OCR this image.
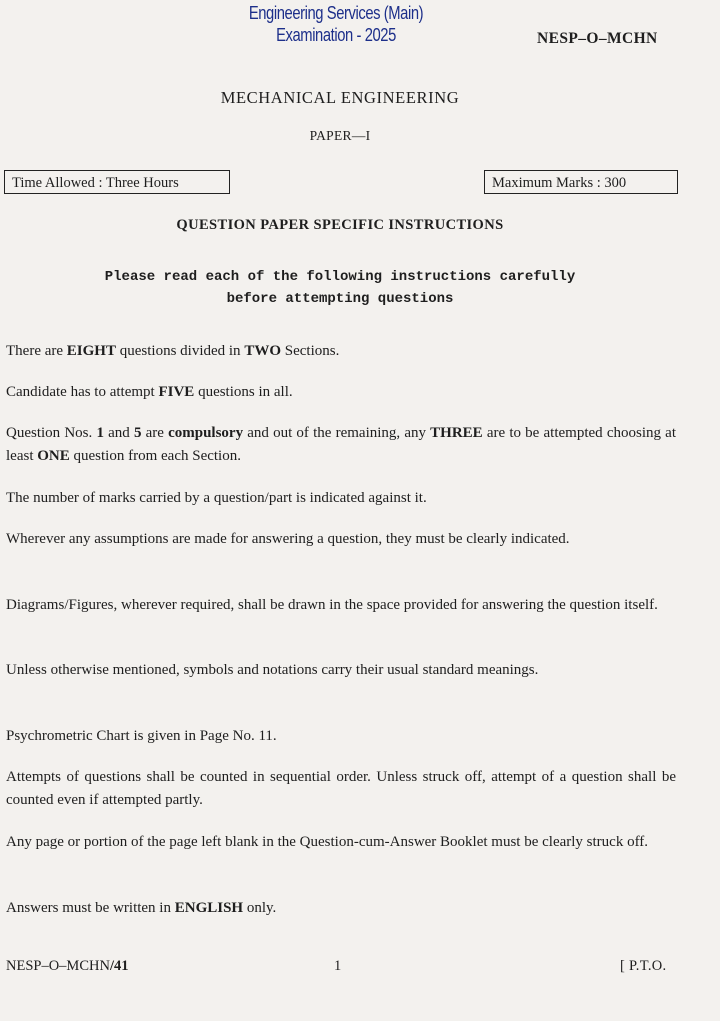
Engineering Services (Main)
Examination - 2025	NESP–O–MCHN
MECHANICAL ENGINEERING
PAPER—I
Time Allowed : Three Hours	Maximum Marks : 300
QUESTION PAPER SPECIFIC INSTRUCTIONS
Please read each of the following instructions carefully
before attempting questions
There are EIGHT questions divided in TWO Sections.
Candidate has to attempt FIVE questions in all.
Question Nos. 1 and 5 are compulsory and out of the remaining, any THREE are to be attempted choosing at least ONE question from each Section.
The number of marks carried by a question/part is indicated against it.
Wherever any assumptions are made for answering a question, they must be clearly indicated.
Diagrams/Figures, wherever required, shall be drawn in the space provided for answering the question itself.
Unless otherwise mentioned, symbols and notations carry their usual standard meanings.
Psychrometric Chart is given in Page No. 11.
Attempts of questions shall be counted in sequential order. Unless struck off, attempt of a question shall be counted even if attempted partly.
Any page or portion of the page left blank in the Question-cum-Answer Booklet must be clearly struck off.
Answers must be written in ENGLISH only.
NESP–O–MCHN/41	1	[ P.T.O.
